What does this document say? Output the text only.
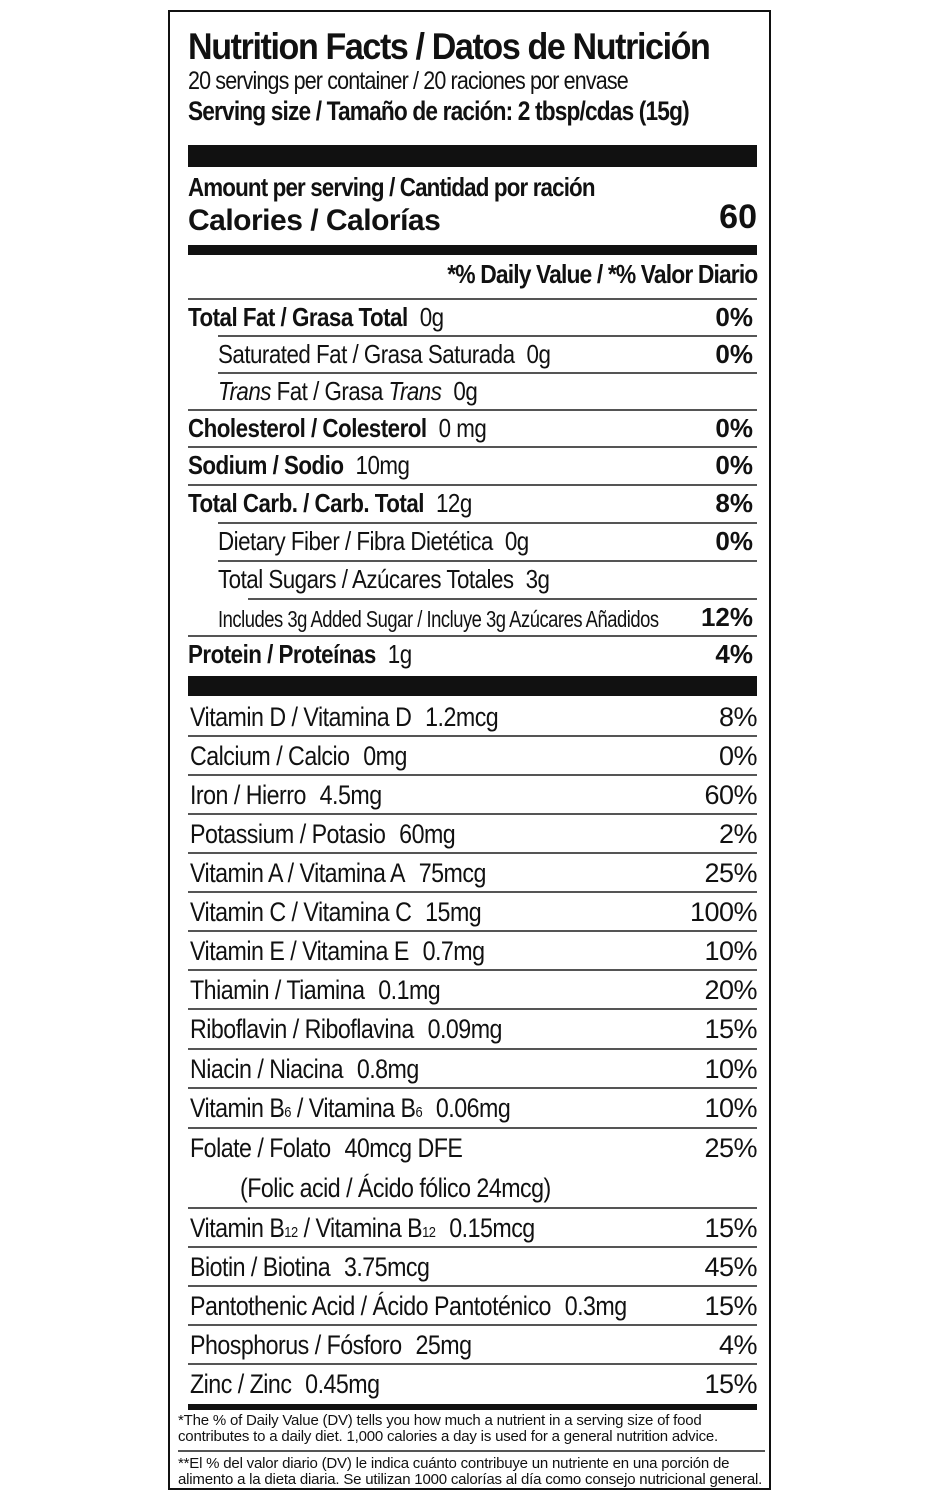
Nutrition Facts / Datos de Nutrición
20 servings per container / 20 raciones por envase
Serving size / Tamaño de ración: 2 tbsp/cdas (15g)
Amount per serving / Cantidad por ración
Calories / Calorías	60
*% Daily Value / *% Valor Diario
Total Fat / Grasa Total 0g	0%
Saturated Fat / Grasa Saturada 0g	0%
Trans Fat / Grasa Trans 0g
Cholesterol / Colesterol 0 mg	0%
Sodium / Sodio 10mg	0%
Total Carb. / Carb. Total 12g	8%
Dietary Fiber / Fibra Dietética 0g	0%
Total Sugars / Azúcares Totales 3g
Includes 3g Added Sugar / Incluye 3g Azúcares Añadidos 12%
Protein / Proteínas 1g	4%
Vitamin D / Vitamina D 1.2mcg	8%
Calcium / Calcio 0mg	0%
Iron / Hierro 4.5mg	60%
Potassium / Potasio 60mg	2%
Vitamin A / Vitamina A 75mcg	25%
Vitamin C / Vitamina C 15mg	100%
Vitamin E / Vitamina E 0.7mg	10%
Thiamin / Tiamina 0.1mg	20%
Riboflavin / Riboflavina 0.09mg	15%
Niacin / Niacina 0.8mg	10%
Vitamin B6 / Vitamina B6 0.06mg	10%
Folate / Folato 40mcg DFE	25%
(Folic acid / Ácido fólico 24mcg)
Vitamin B12 / Vitamina B12 0.15mcg	15%
Biotin / Biotina 3.75mcg	45%
Pantothenic Acid / Ácido Pantoténico 0.3mg	15%
Phosphorus / Fósforo 25mg	4%
Zinc / Zinc 0.45mg	15%
*The % of Daily Value (DV) tells you how much a nutrient in a serving size of food contributes to a daily diet. 1,000 calories a day is used for a general nutrition advice.
**El % del valor diario (DV) le indica cuánto contribuye un nutriente en una porción de alimento a la dieta diaria. Se utilizan 1000 calorías al día como consejo nutricional general.
